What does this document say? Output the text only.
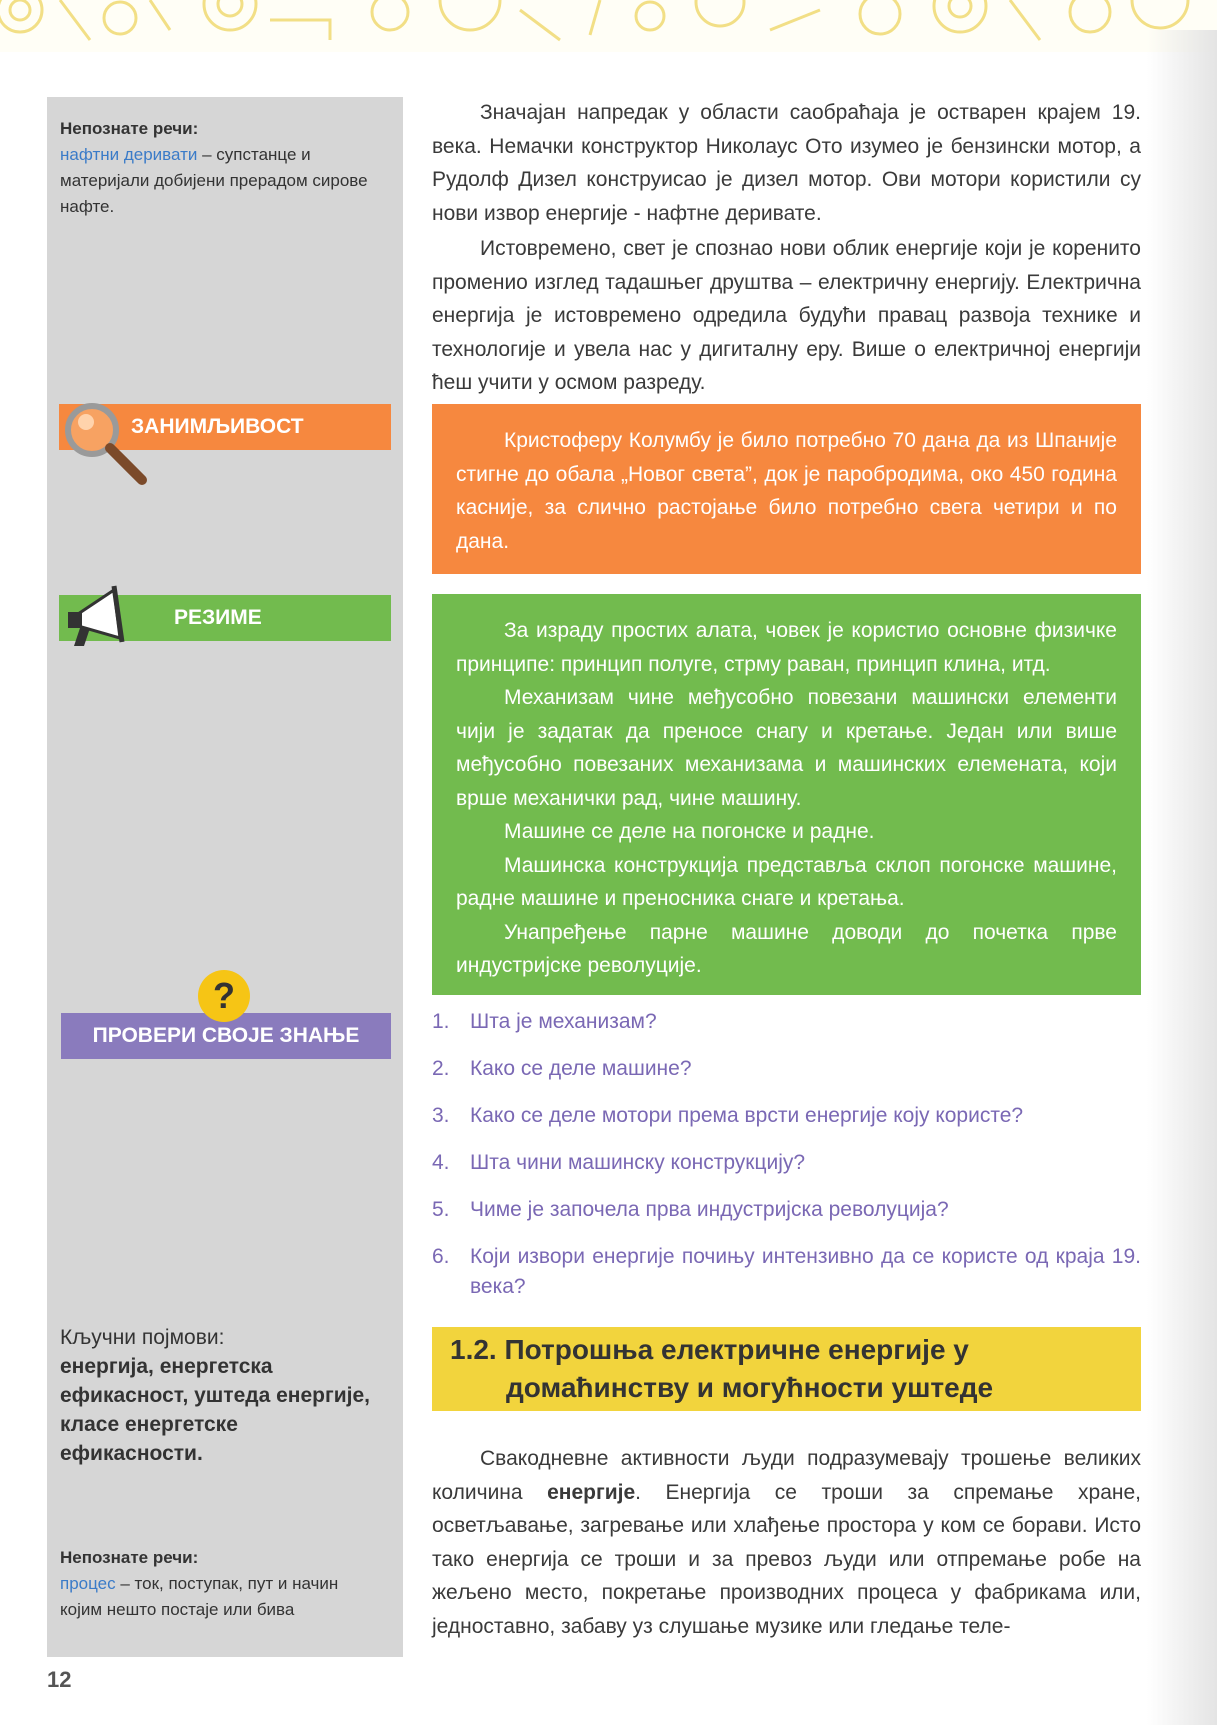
Непознате речи:
нафтни деривати – супстанце и материјали добијени прерадом сирове нафте.
ЗАНИМЉИВОСТ
РЕЗИМЕ
ПРОВЕРИ СВОЈЕ ЗНАЊЕ
?
Кључни појмови:
енергија, енергетска ефикасност, уштеда енергије, класе енергетске ефикасности.
Непознате речи:
процес – ток, поступак, пут и начин којим нешто постаје или бива

Значајан напредак у области саобраћаја је остварен крајем 19. века. Немачки конструктор Николаус Ото изумео је бензински мотор, а Рудолф Дизел конструисао је дизел мотор. Ови мотори користили су нови извор енергије - нафтне деривате.

Истовремено, свет је спознао нови облик енергије који је коренито променио изглед тадашњег друштва – електричну енергију. Електрична енергија је истовремено одредила будући правац развоја технике и технологије и увела нас у дигиталну еру. Више о електричној енергији ћеш учити у осмом разреду.

Кристоферу Колумбу је било потребно 70 дана да из Шпаније стигне до обала „Новог света”, док је паробродима, око 450 година касније, за слично растојање било потребно свега четири и по дана.

За израду простих алата, човек је користио основне физичке принципе: принцип полуге, стрму раван, принцип клина, итд.

Механизам чине међусобно повезани машински елементи чији је задатак да преносе снагу и кретање. Један или више међусобно повезаних механизама и машинских елемената, који врше механички рад, чине машину.

Машине се деле на погонске и радне.

Машинска конструкција представља склоп погонске машине, радне машине и преносника снаге и кретања.

Унапређење парне машине доводи до почетка прве индустријске револуције.

1. Шта је механизам?
2. Како се деле машине?
3. Како се деле мотори према врсти енергије коју користе?
4. Шта чини машинску конструкцију?
5. Чиме је започела прва индустријска револуција?
6. Који извори енергије почињу интензивно да се користе од краја 19. века?
1.2. Потрошња електричне енергије у
домаћинству и могућности уштеде

Свакодневне активности људи подразумевају трошење великих количина енергије. Енергија се троши за спремање хране, осветљавање, загревање или хлађење простора у ком се борави. Исто тако енергија се троши и за превоз људи или отпремање робе на жељено место, покретање производних процеса у фабрикама или, једноставно, забаву уз слушање музике или гледање теле-

12
